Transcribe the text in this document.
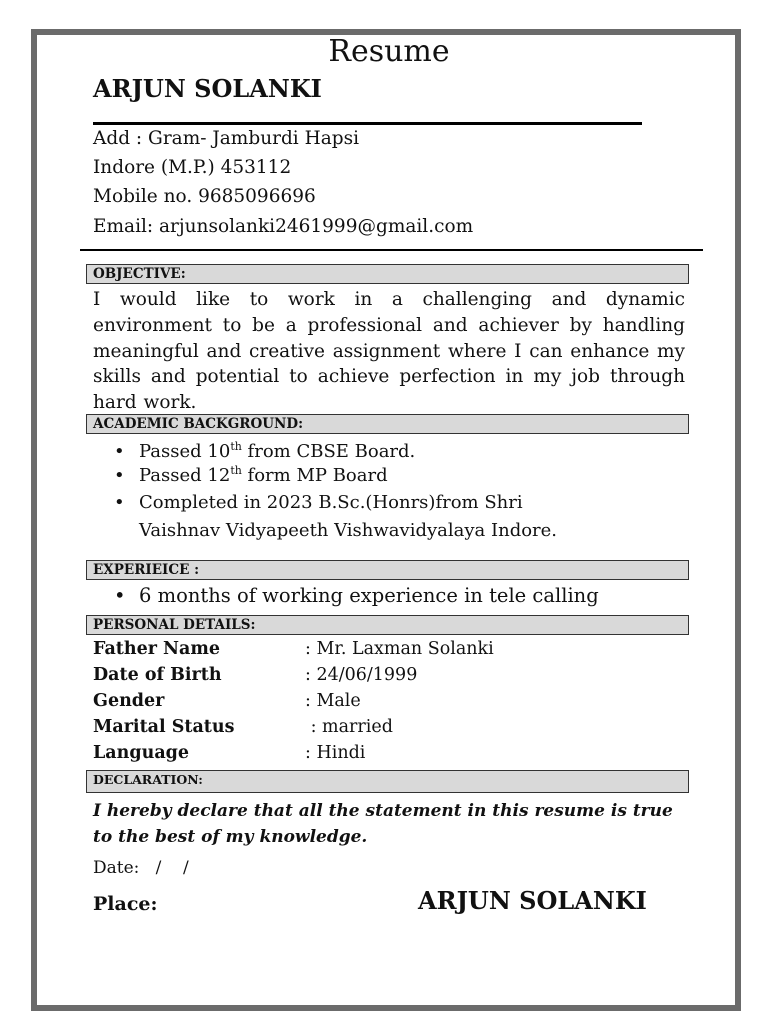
Resume
ARJUN SOLANKI
Add : Gram- Jamburdi Hapsi
Indore (M.P.) 453112
Mobile no. 9685096696
Email: arjunsolanki2461999@gmail.com
OBJECTIVE:
I would like to work in a challenging and dynamic environment to be a professional and achiever by handling meaningful and creative assignment where I can enhance my skills and potential to achieve perfection in my job through hard work.
ACADEMIC BACKGROUND:
• Passed 10th from CBSE Board.
• Passed 12th form MP Board
• Completed in 2023 B.Sc.(Honrs)from Shri
Vaishnav Vidyapeeth Vishwavidyalaya Indore.
EXPERIEICE :
• 6 months of working experience in tele calling
PERSONAL DETAILS:
Father Name	: Mr. Laxman Solanki
Date of Birth	: 24/06/1999
Gender	: Male
Marital Status	: married
Language	: Hindi
DECLARATION:
I hereby declare that all the statement in this resume is true to the best of my knowledge.
Date:   /    /
Place:	ARJUN SOLANKI
